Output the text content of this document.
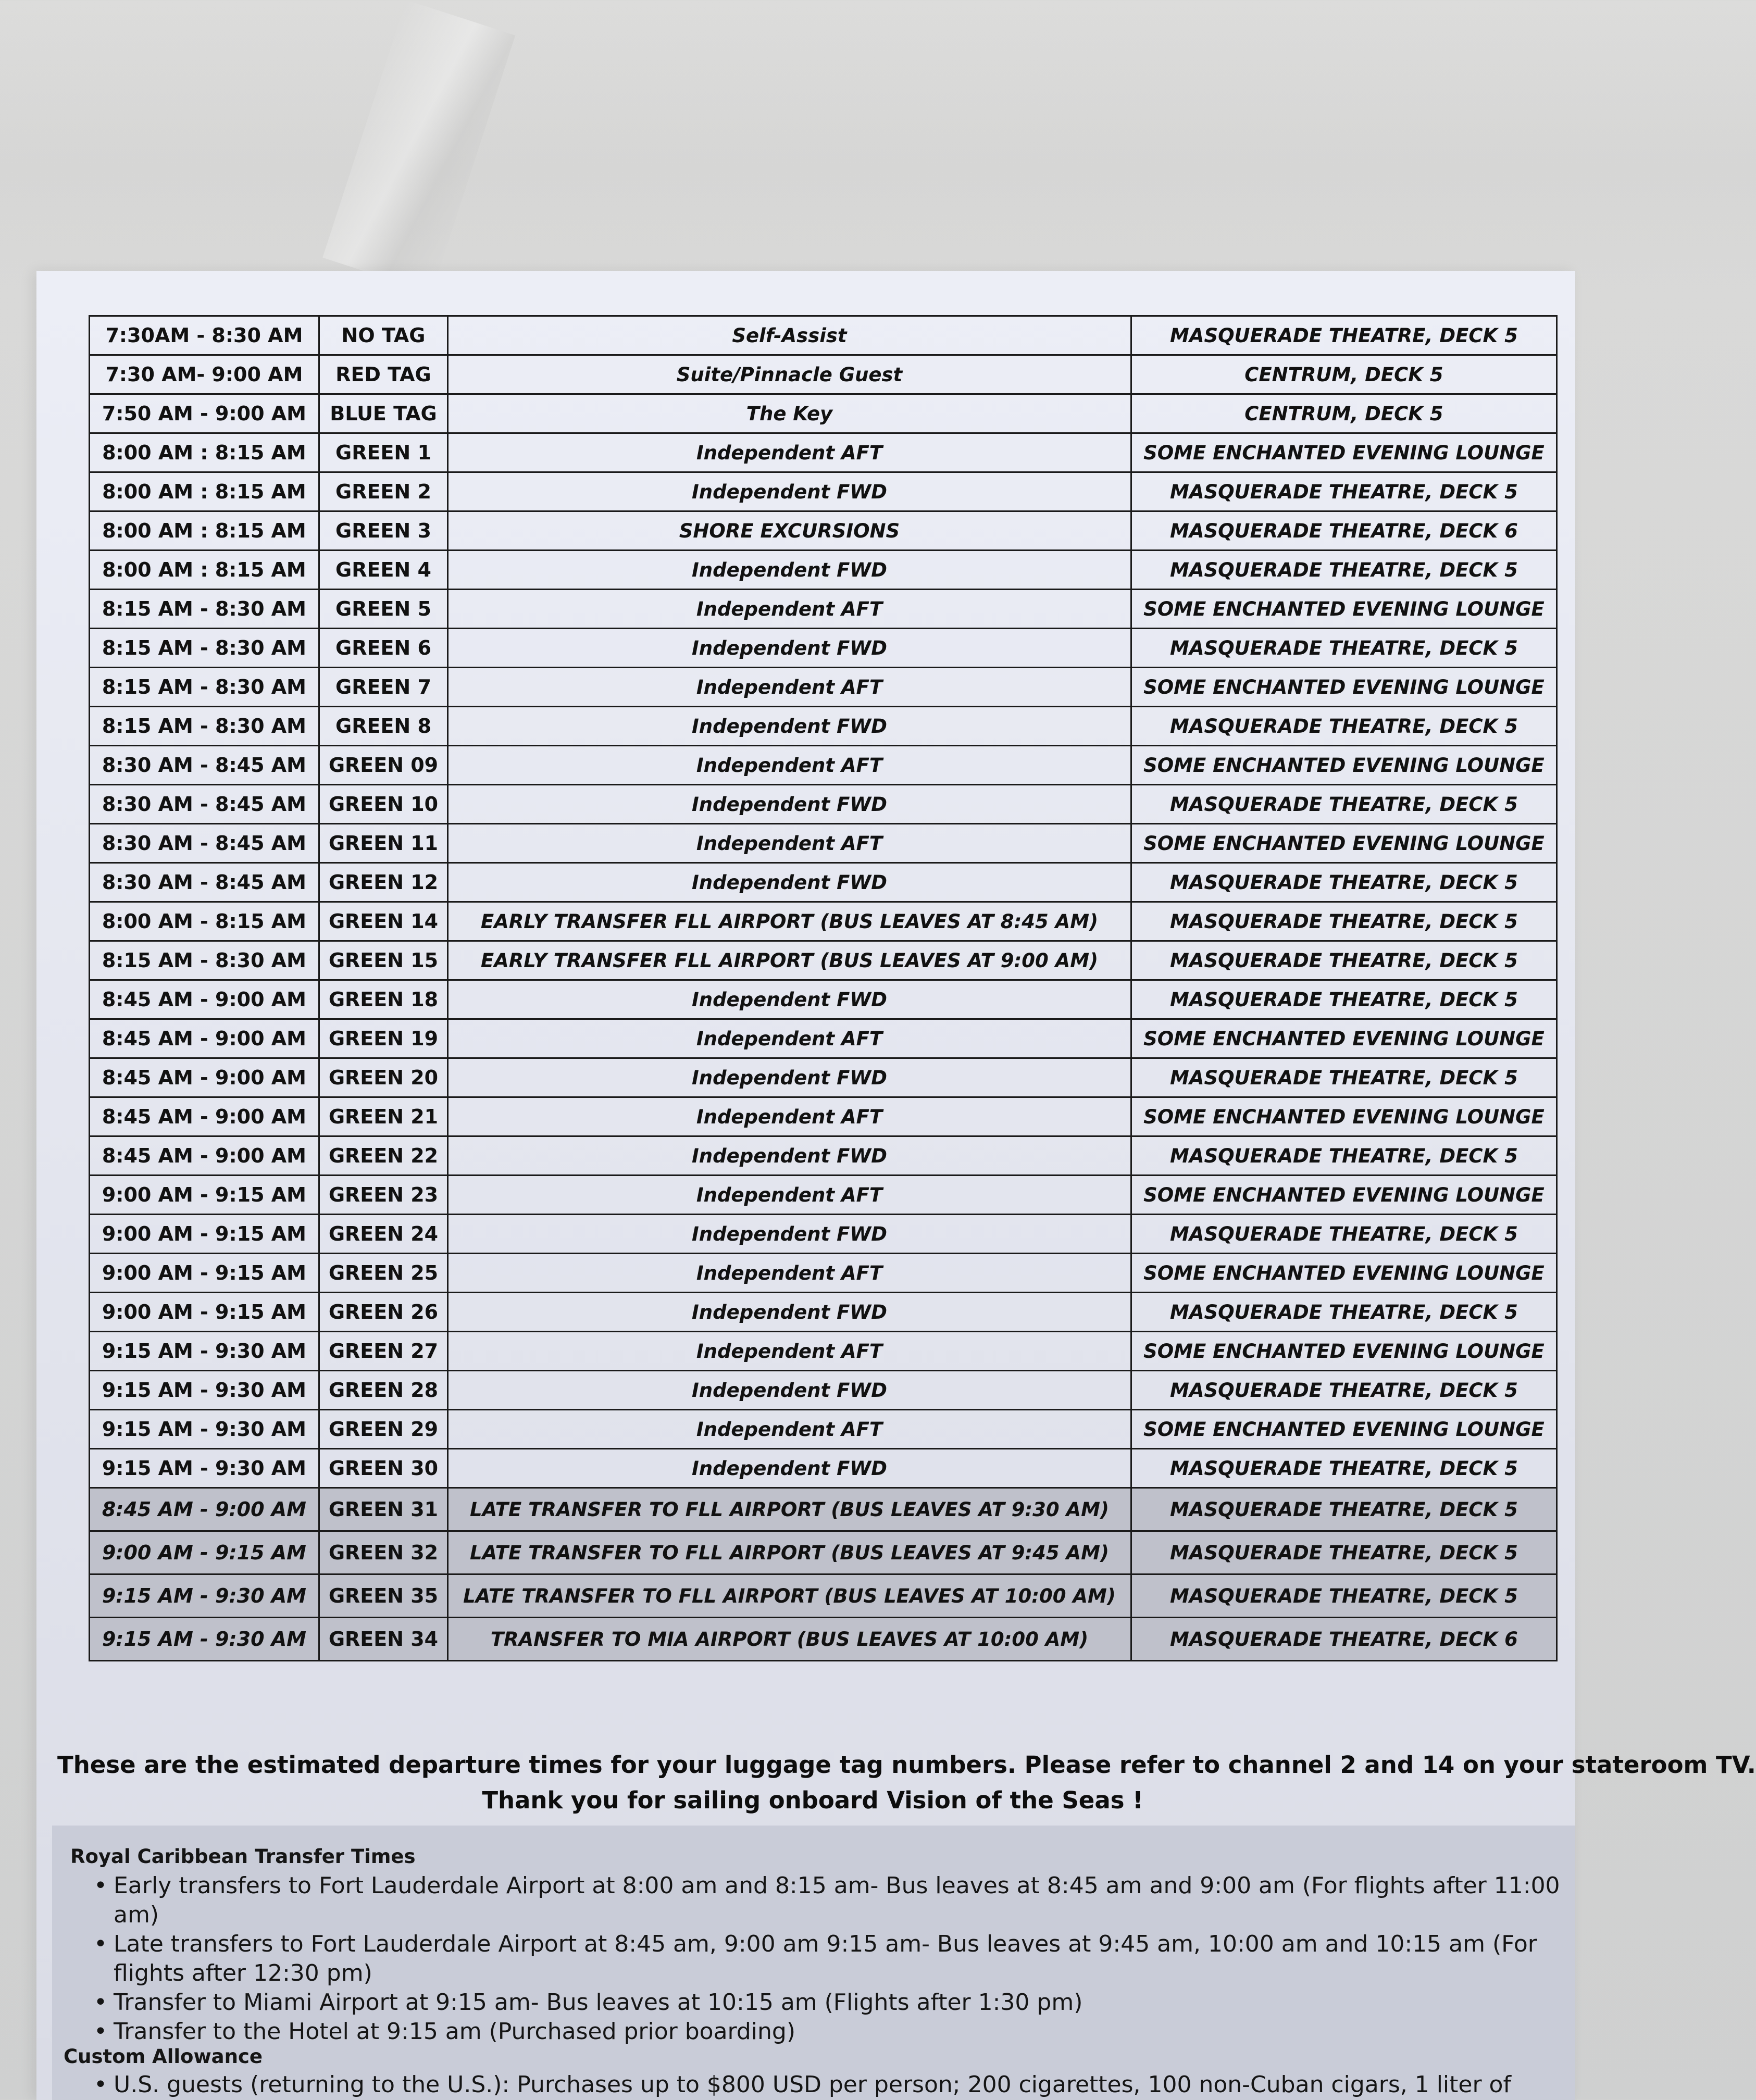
7:30AM - 8:30 AM	NO TAG	Self-Assist	MASQUERADE THEATRE, DECK 5
7:30 AM- 9:00 AM	RED TAG	Suite/Pinnacle Guest	CENTRUM, DECK 5
7:50 AM - 9:00 AM	BLUE TAG	The Key	CENTRUM, DECK 5
8:00 AM : 8:15 AM	GREEN 1	Independent AFT	SOME ENCHANTED EVENING LOUNGE
8:00 AM : 8:15 AM	GREEN 2	Independent FWD	MASQUERADE THEATRE, DECK 5
8:00 AM : 8:15 AM	GREEN 3	SHORE EXCURSIONS	MASQUERADE THEATRE, DECK 6
8:00 AM : 8:15 AM	GREEN 4	Independent FWD	MASQUERADE THEATRE, DECK 5
8:15 AM - 8:30 AM	GREEN 5	Independent AFT	SOME ENCHANTED EVENING LOUNGE
8:15 AM - 8:30 AM	GREEN 6	Independent FWD	MASQUERADE THEATRE, DECK 5
8:15 AM - 8:30 AM	GREEN 7	Independent AFT	SOME ENCHANTED EVENING LOUNGE
8:15 AM - 8:30 AM	GREEN 8	Independent FWD	MASQUERADE THEATRE, DECK 5
8:30 AM - 8:45 AM	GREEN 09	Independent AFT	SOME ENCHANTED EVENING LOUNGE
8:30 AM - 8:45 AM	GREEN 10	Independent FWD	MASQUERADE THEATRE, DECK 5
8:30 AM - 8:45 AM	GREEN 11	Independent AFT	SOME ENCHANTED EVENING LOUNGE
8:30 AM - 8:45 AM	GREEN 12	Independent FWD	MASQUERADE THEATRE, DECK 5
8:00 AM - 8:15 AM	GREEN 14	EARLY TRANSFER FLL AIRPORT (BUS LEAVES AT 8:45 AM)	MASQUERADE THEATRE, DECK 5
8:15 AM - 8:30 AM	GREEN 15	EARLY TRANSFER FLL AIRPORT (BUS LEAVES AT 9:00 AM)	MASQUERADE THEATRE, DECK 5
8:45 AM - 9:00 AM	GREEN 18	Independent FWD	MASQUERADE THEATRE, DECK 5
8:45 AM - 9:00 AM	GREEN 19	Independent AFT	SOME ENCHANTED EVENING LOUNGE
8:45 AM - 9:00 AM	GREEN 20	Independent FWD	MASQUERADE THEATRE, DECK 5
8:45 AM - 9:00 AM	GREEN 21	Independent AFT	SOME ENCHANTED EVENING LOUNGE
8:45 AM - 9:00 AM	GREEN 22	Independent FWD	MASQUERADE THEATRE, DECK 5
9:00 AM - 9:15 AM	GREEN 23	Independent AFT	SOME ENCHANTED EVENING LOUNGE
9:00 AM - 9:15 AM	GREEN 24	Independent FWD	MASQUERADE THEATRE, DECK 5
9:00 AM - 9:15 AM	GREEN 25	Independent AFT	SOME ENCHANTED EVENING LOUNGE
9:00 AM - 9:15 AM	GREEN 26	Independent FWD	MASQUERADE THEATRE, DECK 5
9:15 AM - 9:30 AM	GREEN 27	Independent AFT	SOME ENCHANTED EVENING LOUNGE
9:15 AM - 9:30 AM	GREEN 28	Independent FWD	MASQUERADE THEATRE, DECK 5
9:15 AM - 9:30 AM	GREEN 29	Independent AFT	SOME ENCHANTED EVENING LOUNGE
9:15 AM - 9:30 AM	GREEN 30	Independent FWD	MASQUERADE THEATRE, DECK 5
8:45 AM - 9:00 AM	GREEN 31	LATE TRANSFER TO FLL AIRPORT (BUS LEAVES AT 9:30 AM)	MASQUERADE THEATRE, DECK 5
9:00 AM - 9:15 AM	GREEN 32	LATE TRANSFER TO FLL AIRPORT (BUS LEAVES AT 9:45 AM)	MASQUERADE THEATRE, DECK 5
9:15 AM - 9:30 AM	GREEN 35	LATE TRANSFER TO FLL AIRPORT (BUS LEAVES AT 10:00 AM)	MASQUERADE THEATRE, DECK 5
9:15 AM - 9:30 AM	GREEN 34	TRANSFER TO MIA AIRPORT (BUS LEAVES AT 10:00 AM)	MASQUERADE THEATRE, DECK 6
These are the estimated departure times for your luggage tag numbers. Please refer to channel 2 and 14 on your stateroom TV.
Thank you for sailing onboard Vision of the Seas !
Royal Caribbean Transfer Times
• Early transfers to Fort Lauderdale Airport at 8:00 am and 8:15 am- Bus leaves at 8:45 am and 9:00 am (For flights after 11:00 am)
• Late transfers to Fort Lauderdale Airport at 8:45 am, 9:00 am 9:15 am- Bus leaves at 9:45 am, 10:00 am and 10:15 am (For flights after 12:30 pm)
• Transfer to Miami Airport at 9:15 am- Bus leaves at 10:15 am (Flights after 1:30 pm)
• Transfer to the Hotel at 9:15 am (Purchased prior boarding)
Custom Allowance
• U.S. guests (returning to the U.S.): Purchases up to $800 USD per person; 200 cigarettes, 100 non-Cuban cigars, 1 liter of
